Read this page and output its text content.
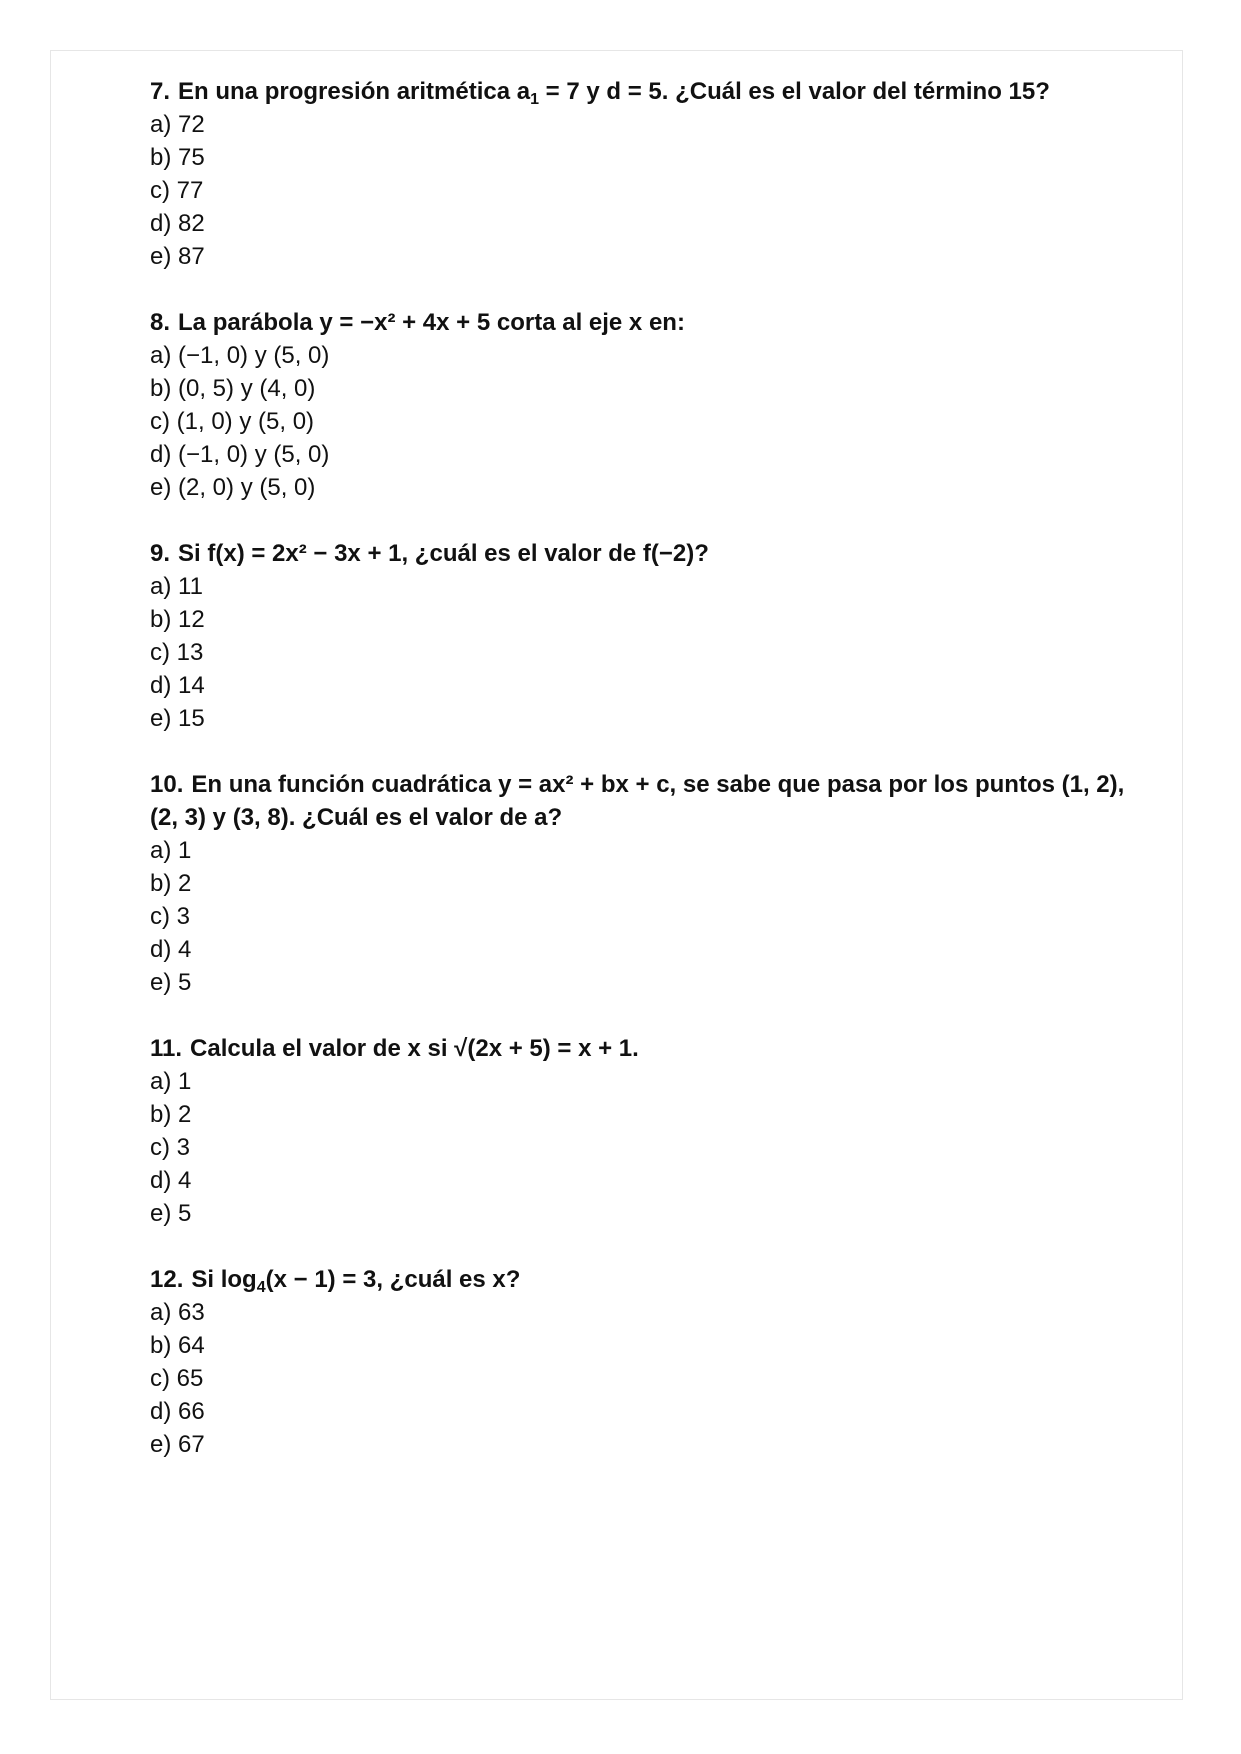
7. En una progresión aritmética $a_1 = 7$ y d = 5. ¿Cuál es el valor del término 15?

a) 72

b) 75

c) 77

d) 82

e) 87

8. La parábola y = −x² + 4x + 5 corta al eje x en:

a) (−1, 0) y (5, 0)

b) (0, 5) y (4, 0)

c) (1, 0) y (5, 0)

d) (−1, 0) y (5, 0)

e) (2, 0) y (5, 0)

9. Si f(x) = 2x² − 3x + 1, ¿cuál es el valor de f(−2)?

a) 11

b) 12

c) 13

d) 14

e) 15

10. En una función cuadrática y = ax² + bx + c, se sabe que pasa por los puntos (1, 2), (2, 3) y (3, 8). ¿Cuál es el valor de a?

a) 1

b) 2

c) 3

d) 4

e) 5

11. Calcula el valor de x si √(2x + 5) = x + 1.

a) 1

b) 2

c) 3

d) 4

e) 5

12. Si $\log_4(x - 1) = 3$, ¿cuál es x?

a) 63

b) 64

c) 65

d) 66

e) 67
